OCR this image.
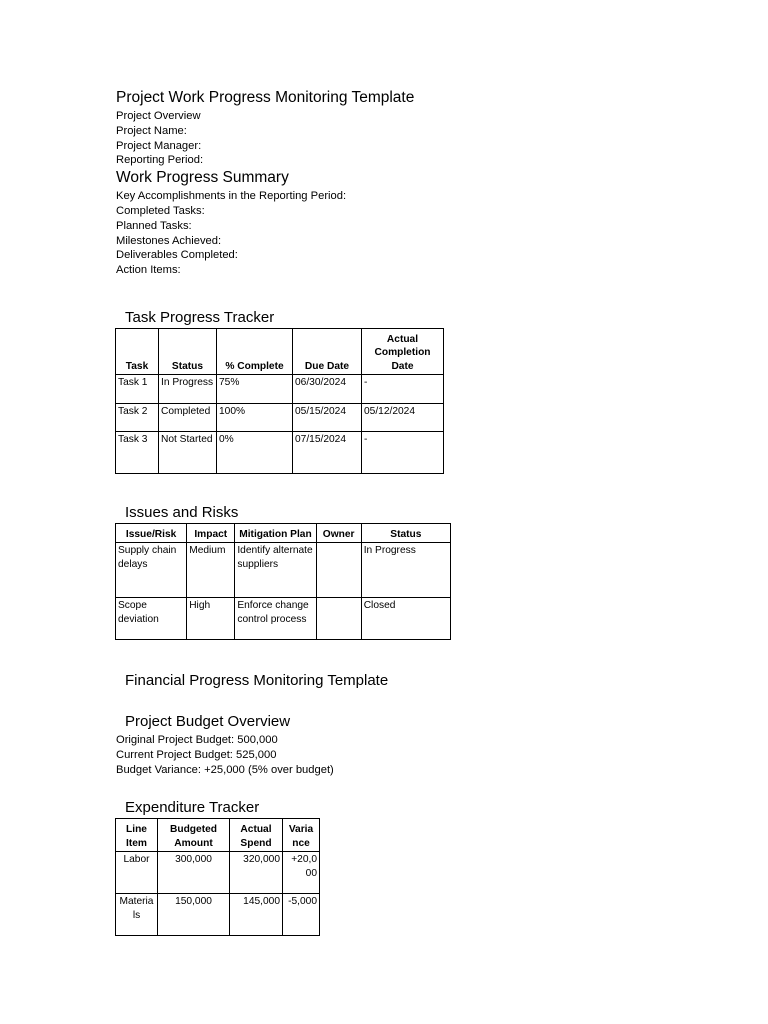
Project Work Progress Monitoring Template
Project Overview
Project Name:
Project Manager:
Reporting Period:
Work Progress Summary
Key Accomplishments in the Reporting Period:
Completed Tasks:
Planned Tasks:
Milestones Achieved:
Deliverables Completed:
Action Items:
Task Progress Tracker
Task	Status	% Complete	Due Date	Actual Completion Date
Task 1	In Progress	75%	06/30/2024	-
Task 2	Completed	100%	05/15/2024	05/12/2024
Task 3	Not Started	0%	07/15/2024	-
Issues and Risks
Issue/Risk	Impact	Mitigation Plan	Owner	Status
Supply chain delays	Medium	Identify alternate suppliers		In Progress
Scope deviation	High	Enforce change control process		Closed
Financial Progress Monitoring Template
Project Budget Overview
Original Project Budget: 500,000
Current Project Budget: 525,000
Budget Variance: +25,000 (5% over budget)
Expenditure Tracker
Line Item	Budgeted Amount	Actual Spend	Varia nce
Labor	300,000	320,000	+20,0 00
Materia ls	150,000	145,000	-5,000
